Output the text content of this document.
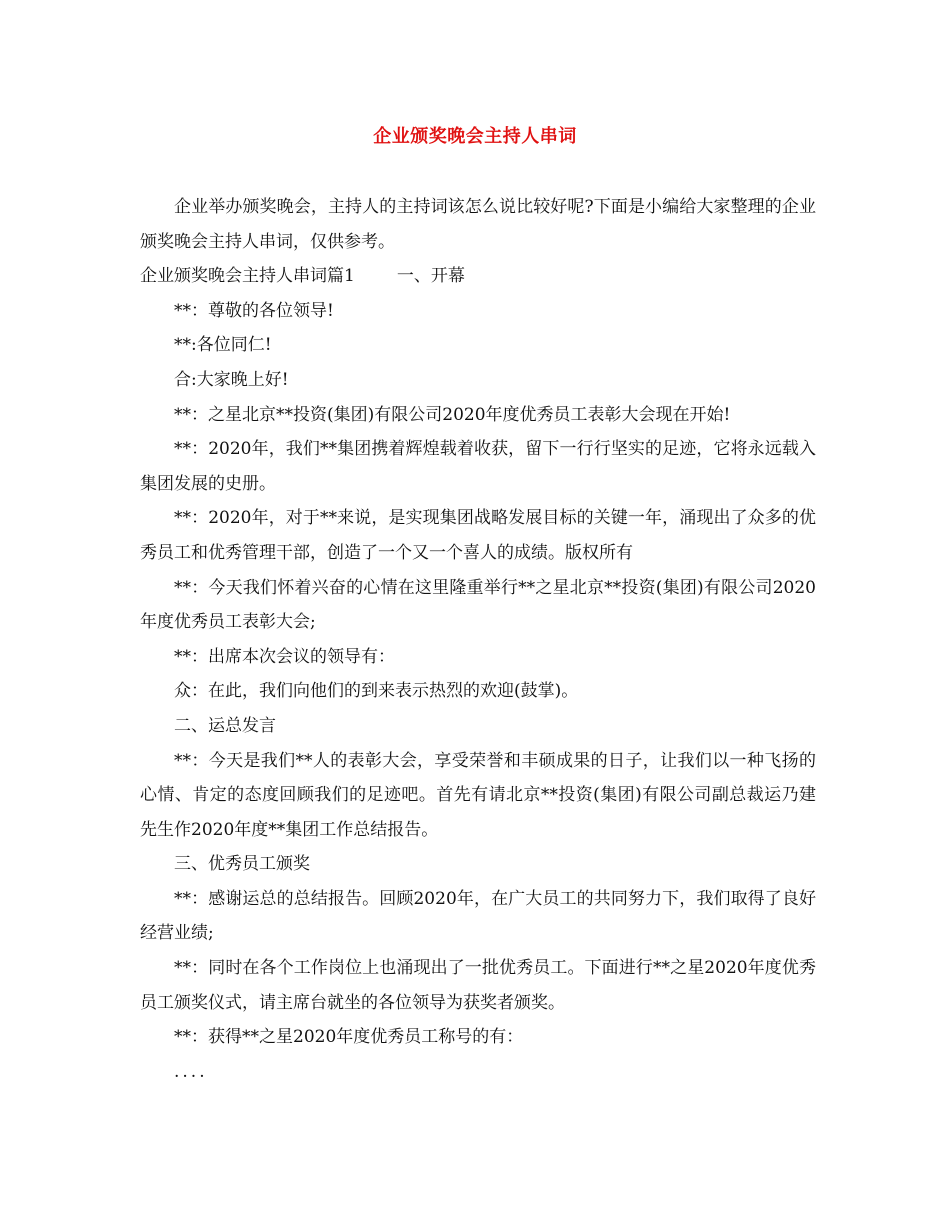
企业颁奖晚会主持人串词

企业举办颁奖晚会，主持人的主持词该怎么说比较好呢?下面是小编给大家整理的企业颁奖晚会主持人串词，仅供参考。

企业颁奖晚会主持人串词篇1 一、开幕

**：尊敬的各位领导!

**:各位同仁!

合:大家晚上好!

**：之星北京**投资(集团)有限公司2020年度优秀员工表彰大会现在开始!

**：2020年，我们**集团携着辉煌载着收获，留下一行行坚实的足迹，它将永远载入集团发展的史册。

**：2020年，对于**来说，是实现集团战略发展目标的关键一年，涌现出了众多的优秀员工和优秀管理干部，创造了一个又一个喜人的成绩。版权所有

**：今天我们怀着兴奋的心情在这里隆重举行**之星北京**投资(集团)有限公司2020年度优秀员工表彰大会;

**：出席本次会议的领导有：

众：在此，我们向他们的到来表示热烈的欢迎(鼓掌)。

二、运总发言

**：今天是我们**人的表彰大会，享受荣誉和丰硕成果的日子，让我们以一种飞扬的心情、肯定的态度回顾我们的足迹吧。首先有请北京**投资(集团)有限公司副总裁运乃建先生作2020年度**集团工作总结报告。

三、优秀员工颁奖

**：感谢运总的总结报告。回顾2020年，在广大员工的共同努力下，我们取得了良好经营业绩;

**：同时在各个工作岗位上也涌现出了一批优秀员工。下面进行**之星2020年度优秀员工颁奖仪式，请主席台就坐的各位领导为获奖者颁奖。

**：获得**之星2020年度优秀员工称号的有：

....
